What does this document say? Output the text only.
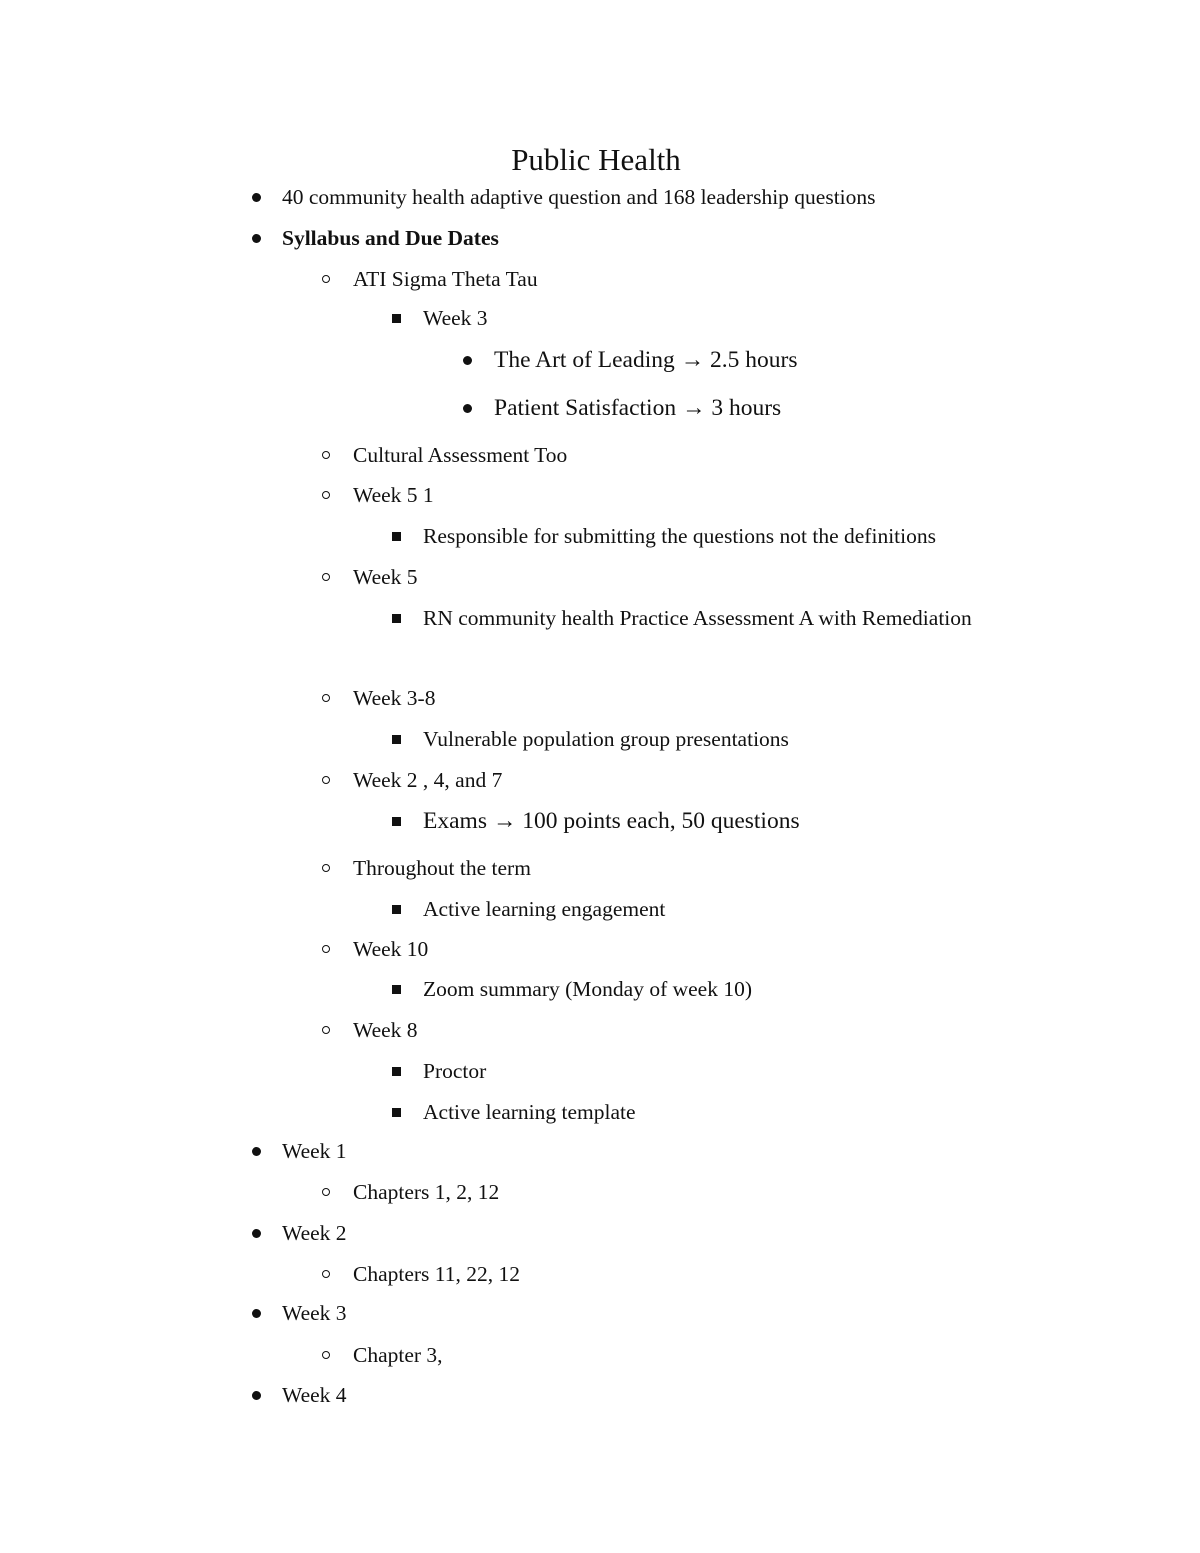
Public Health
40 community health adaptive question and 168 leadership questions
Syllabus and Due Dates
ATI Sigma Theta Tau
Week 3
The Art of Leading → 2.5 hours
Patient Satisfaction → 3 hours
Cultural Assessment Too
Week 5 1
Responsible for submitting the questions not the definitions
Week 5
RN community health Practice Assessment A with Remediation
Week 3-8
Vulnerable population group presentations
Week 2 , 4, and 7
Exams → 100 points each, 50 questions
Throughout the term
Active learning engagement
Week 10
Zoom summary (Monday of week 10)
Week 8
Proctor
Active learning template
Week 1
Chapters 1, 2, 12
Week 2
Chapters 11, 22, 12
Week 3
Chapter 3,
Week 4
